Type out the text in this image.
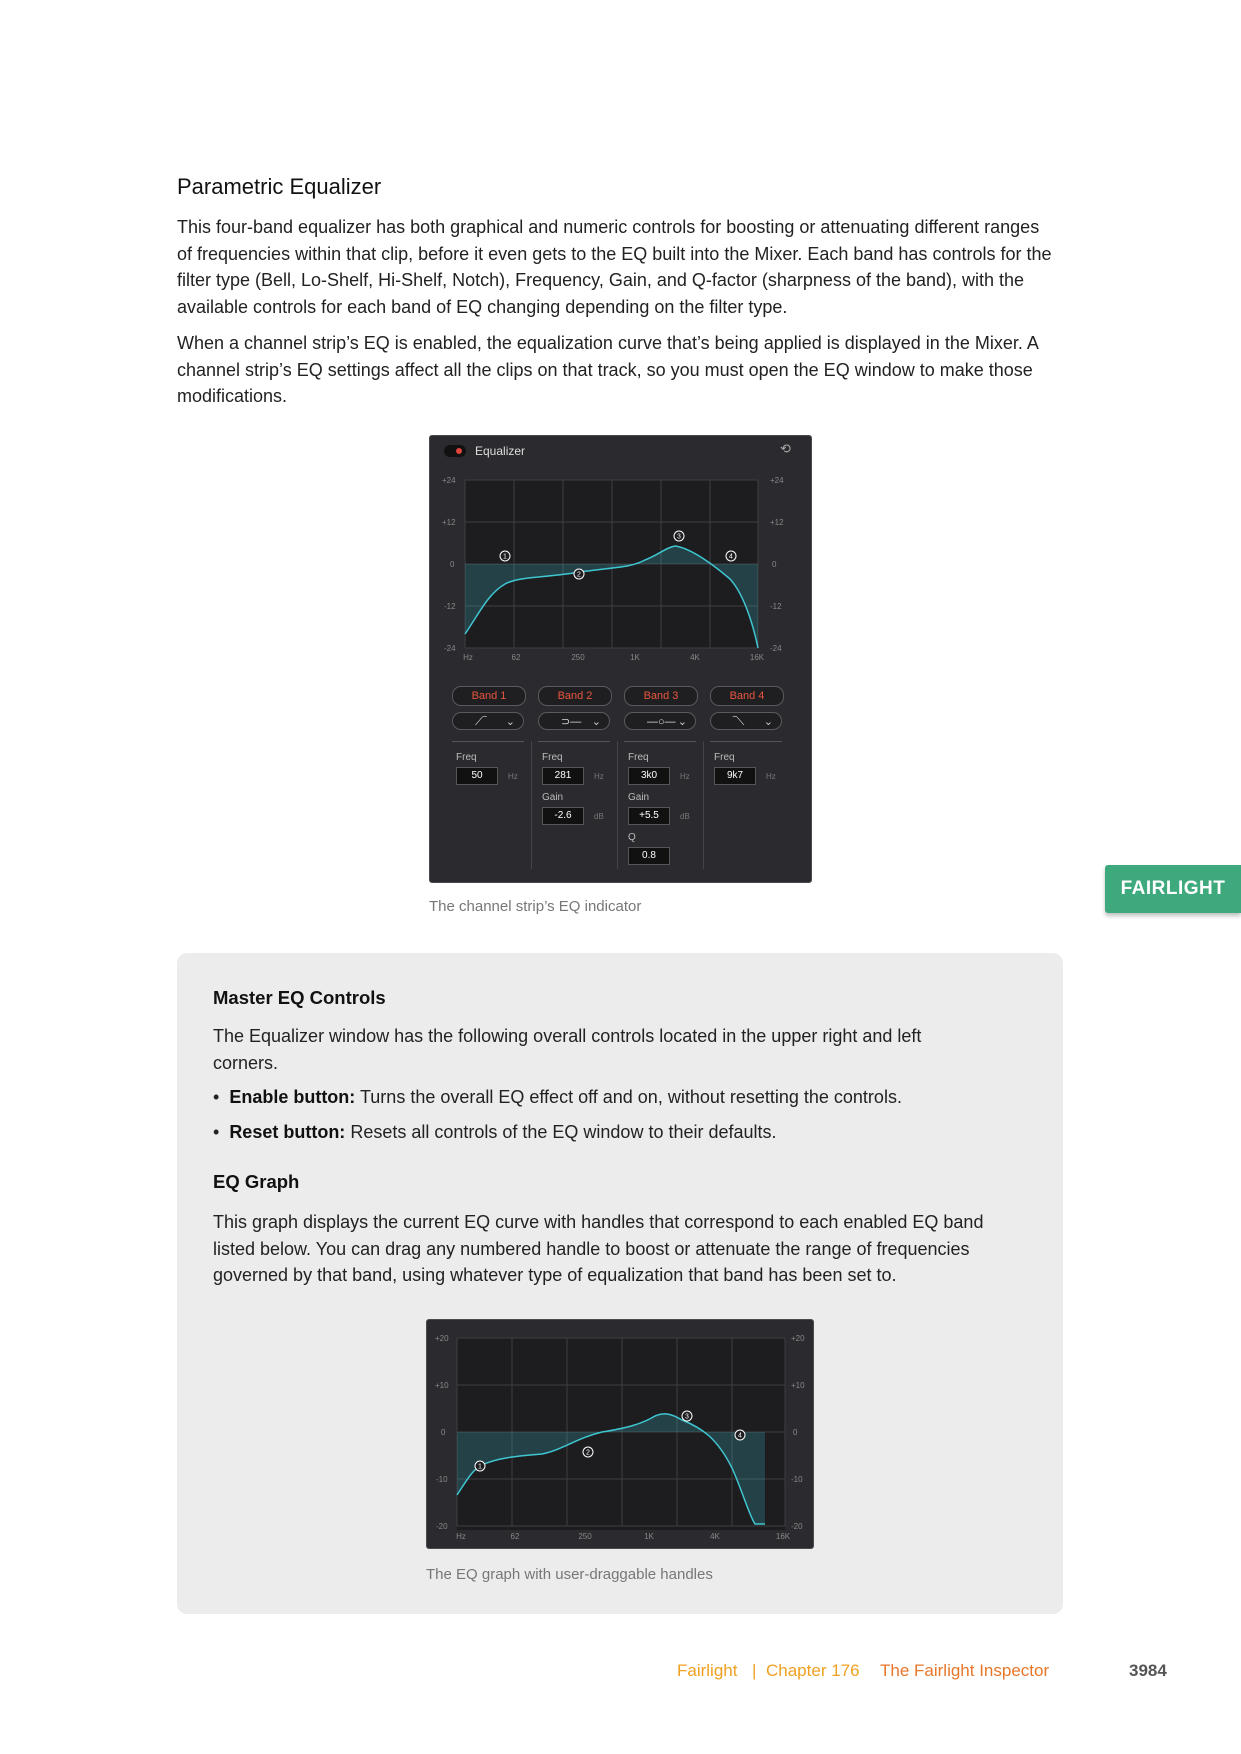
Parametric Equalizer

This four-band equalizer has both graphical and numeric controls for boosting or attenuating different ranges of frequencies within that clip, before it even gets to the EQ built into the Mixer. Each band has controls for the filter type (Bell, Lo-Shelf, Hi-Shelf, Notch), Frequency, Gain, and Q-factor (sharpness of the band), with the available controls for each band of EQ changing depending on the filter type.

When a channel strip’s EQ is enabled, the equalization curve that’s being applied is displayed in the Mixer. A channel strip’s EQ settings affect all the clips on that track, so you must open the EQ window to make those modifications.

Equalizer	⟲
+24
+12
0
-12
-24
+24
+12
0
-12
-24
Hz	62	250	1K	4K	16K
1
2
3
4
Band 1	Band 2	Band 3	Band 4
⟋‾ ⌄	⊃— ⌄	—○— ⌄	‾⟍ ⌄
Freq
50	Hz
Freq
281	Hz
Gain
-2.6	dB
Freq
3k0	Hz
Gain
+5.5	dB
Q
0.8
Freq
9k7	Hz
The channel strip’s EQ indicator
FAIRLIGHT
Master EQ Controls

The Equalizer window has the following overall controls located in the upper right and left corners.

•  Enable button: Turns the overall EQ effect off and on, without resetting the controls.
•  Reset button: Resets all controls of the EQ window to their defaults.
EQ Graph

This graph displays the current EQ curve with handles that correspond to each enabled EQ band listed below. You can drag any numbered handle to boost or attenuate the range of frequencies governed by that band, using whatever type of equalization that band has been set to.

+20
+10
0
-10
-20
+20
+10
0
-10
-20
Hz	62	250	1K	4K	16K
1
2
3
4
The EQ graph with user-draggable handles
Fairlight | Chapter 176 The Fairlight Inspector	3984
